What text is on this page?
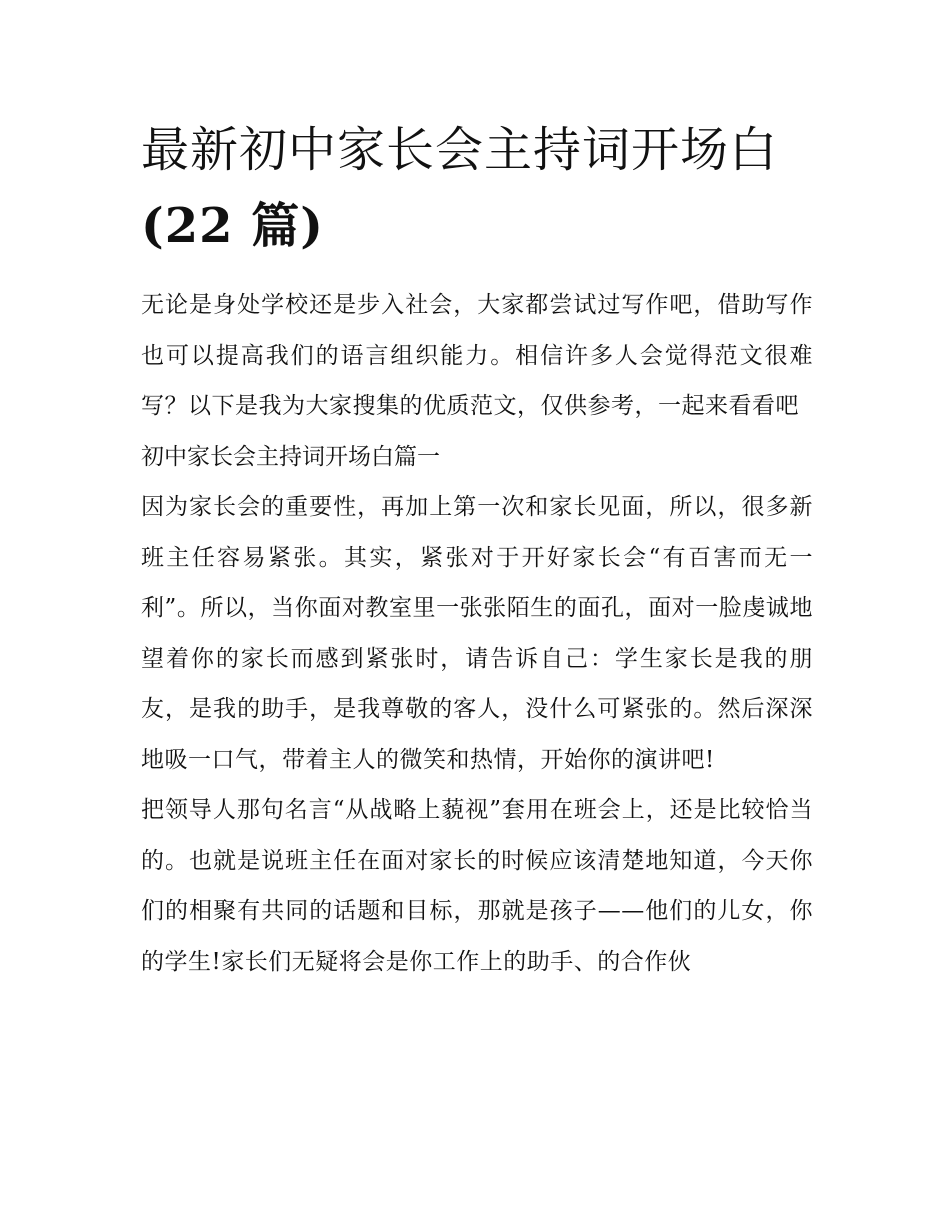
最新初中家长会主持词开场白
(22 篇)

无论是身处学校还是步入社会，大家都尝试过写作吧，借助写作也可以提高我们的语言组织能力。相信许多人会觉得范文很难写？以下是我为大家搜集的优质范文，仅供参考，一起来看看吧

初中家长会主持词开场白篇一

因为家长会的重要性，再加上第一次和家长见面，所以，很多新班主任容易紧张。其实，紧张对于开好家长会“有百害而无一利”。所以，当你面对教室里一张张陌生的面孔，面对一脸虔诚地望着你的家长而感到紧张时，请告诉自己：学生家长是我的朋友，是我的助手，是我尊敬的客人，没什么可紧张的。然后深深地吸一口气，带着主人的微笑和热情，开始你的演讲吧!

把领导人那句名言“从战略上藐视”套用在班会上，还是比较恰当的。也就是说班主任在面对家长的时候应该清楚地知道，今天你们的相聚有共同的话题和目标，那就是孩子——他们的儿女，你的学生!家长们无疑将会是你工作上的助手、的合作伙
